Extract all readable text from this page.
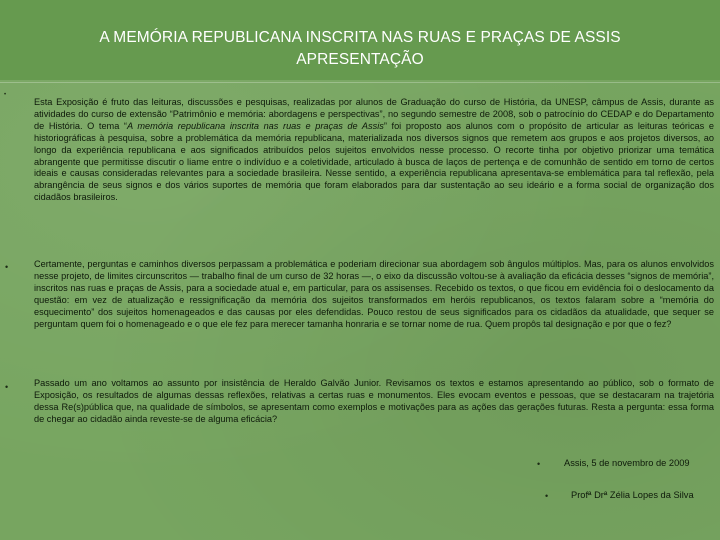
A MEMÓRIA REPUBLICANA INSCRITA NAS RUAS E PRAÇAS DE ASSIS
APRESENTAÇÃO
•
Esta Exposição é fruto das leituras, discussões e pesquisas, realizadas por alunos de Graduação do curso de História, da UNESP, câmpus de Assis, durante as atividades do curso de extensão “Patrimônio e memória: abordagens e perspectivas”, no segundo semestre de 2008, sob o patrocínio do CEDAP e do Departamento de História. O tema “A memória republicana inscrita nas ruas e praças de Assis” foi proposto aos alunos com o propósito de articular as leituras teóricas e historiográficas à pesquisa, sobre a problemática da memória republicana, materializada nos diversos signos que remetem aos grupos e aos projetos diversos, ao longo da experiência republicana e aos significados atribuídos pelos sujeitos envolvidos nesse processo. O recorte tinha por objetivo priorizar uma temática abrangente que permitisse discutir o liame entre o indivíduo e a coletividade, articulado à busca de laços de pertença e de comunhão de sentido em torno de certos ideais e causas consideradas relevantes para a sociedade brasileira. Nesse sentido, a experiência republicana apresentava-se emblemática para tal reflexão, pela abrangência de seus signos e dos vários suportes de memória que foram elaborados para dar sustentação ao seu ideário e a forma social de organização dos cidadãos brasileiros.
•	Certamente, perguntas e caminhos diversos perpassam a problemática e poderiam direcionar sua abordagem sob ângulos múltiplos. Mas, para os alunos envolvidos nesse projeto, de limites circunscritos — trabalho final de um curso de 32 horas —, o eixo da discussão voltou-se à avaliação da eficácia desses “signos de memória”, inscritos nas ruas e praças de Assis, para a sociedade atual e, em particular, para os assisenses. Recebido os textos, o que ficou em evidência foi o deslocamento da questão: em vez de atualização e ressignificação da memória dos sujeitos transformados em heróis republicanos, os textos falaram sobre a “memória do esquecimento” dos sujeitos homenageados e das causas por eles defendidas. Pouco restou de seus significados para os cidadãos da atualidade, que sequer se perguntam quem foi o homenageado e o que ele fez para merecer tamanha honraria e se tornar nome de rua. Quem propôs tal designação e por que o fez?
•	Passado um ano voltamos ao assunto por insistência de Heraldo Galvão Junior. Revisamos os textos e estamos apresentando ao público, sob o formato de Exposição, os resultados de algumas dessas reflexões, relativas a certas ruas e monumentos. Eles evocam eventos e pessoas, que se destacaram na trajetória dessa Re(s)pública que, na qualidade de símbolos, se apresentam como exemplos e motivações para as ações das gerações futuras. Resta a pergunta: essa forma de chegar ao cidadão ainda reveste-se de alguma eficácia?
•	Assis, 5 de novembro de 2009
• Profª Drª Zélia Lopes da Silva
